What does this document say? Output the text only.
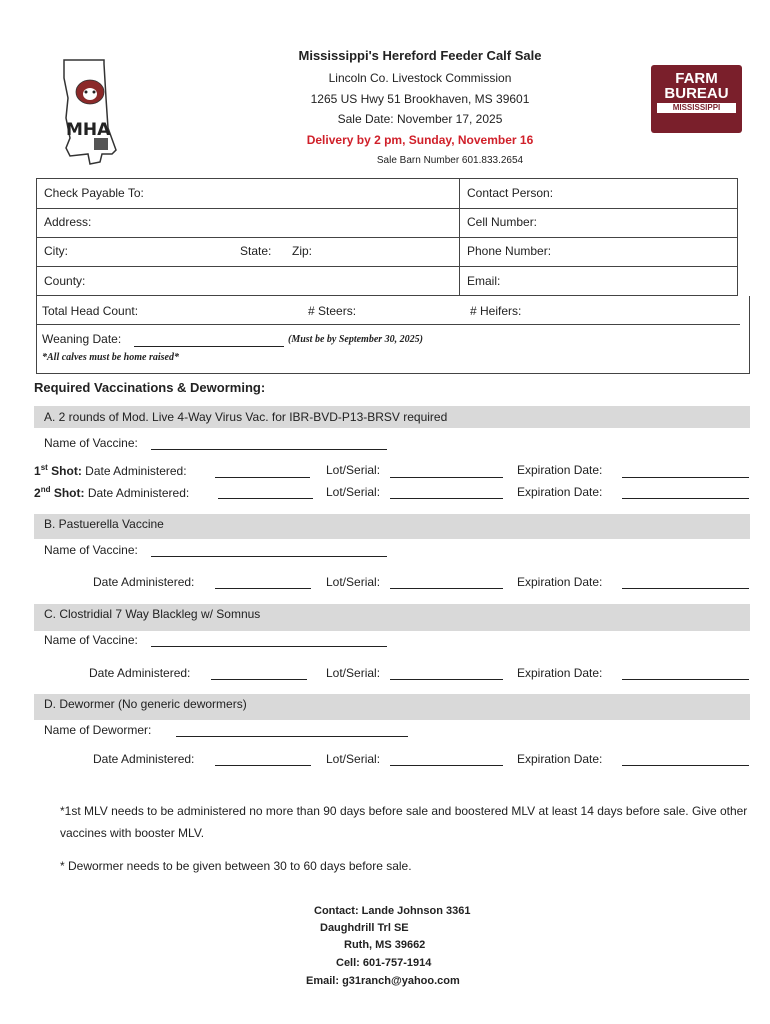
MHA
FARM
BUREAU
MISSISSIPPI
Mississippi's Hereford Feeder Calf Sale
Lincoln Co. Livestock Commission
1265 US Hwy 51 Brookhaven, MS 39601
Sale Date: November 17, 2025
Delivery by 2 pm, Sunday, November 16
Sale Barn Number 601.833.2654
Check Payable To:	Contact Person:
Address:	Cell Number:
City:	State: Zip:	Phone Number:
County:	Email:
Total Head Count:	# Steers:	# Heifers:
Weaning Date:	(Must be by September 30, 2025)
*All calves must be home raised*
Required Vaccinations & Deworming:
A. 2 rounds of Mod. Live 4-Way Virus Vac. for IBR-BVD-P13-BRSV required
Name of Vaccine:
1st Shot: Date Administered:	Lot/Serial:	Expiration Date:
2nd Shot: Date Administered:	Lot/Serial:	Expiration Date:
B. Pastuerella Vaccine
Name of Vaccine:
Date Administered:	Lot/Serial:	Expiration Date:
C. Clostridial 7 Way Blackleg w/ Somnus
Name of Vaccine:
Date Administered:	Lot/Serial:	Expiration Date:
D. Dewormer (No generic dewormers)
Name of Dewormer:
Date Administered:	Lot/Serial:	Expiration Date:
*1st MLV needs to be administered no more than 90 days before sale and boostered MLV at least 14 days before sale. Give other vaccines with booster MLV.
* Dewormer needs to be given between 30 to 60 days before sale.
Contact: Lande Johnson 3361
Daughdrill Trl SE
Ruth, MS 39662
Cell: 601-757-1914
Email: g31ranch@yahoo.com
